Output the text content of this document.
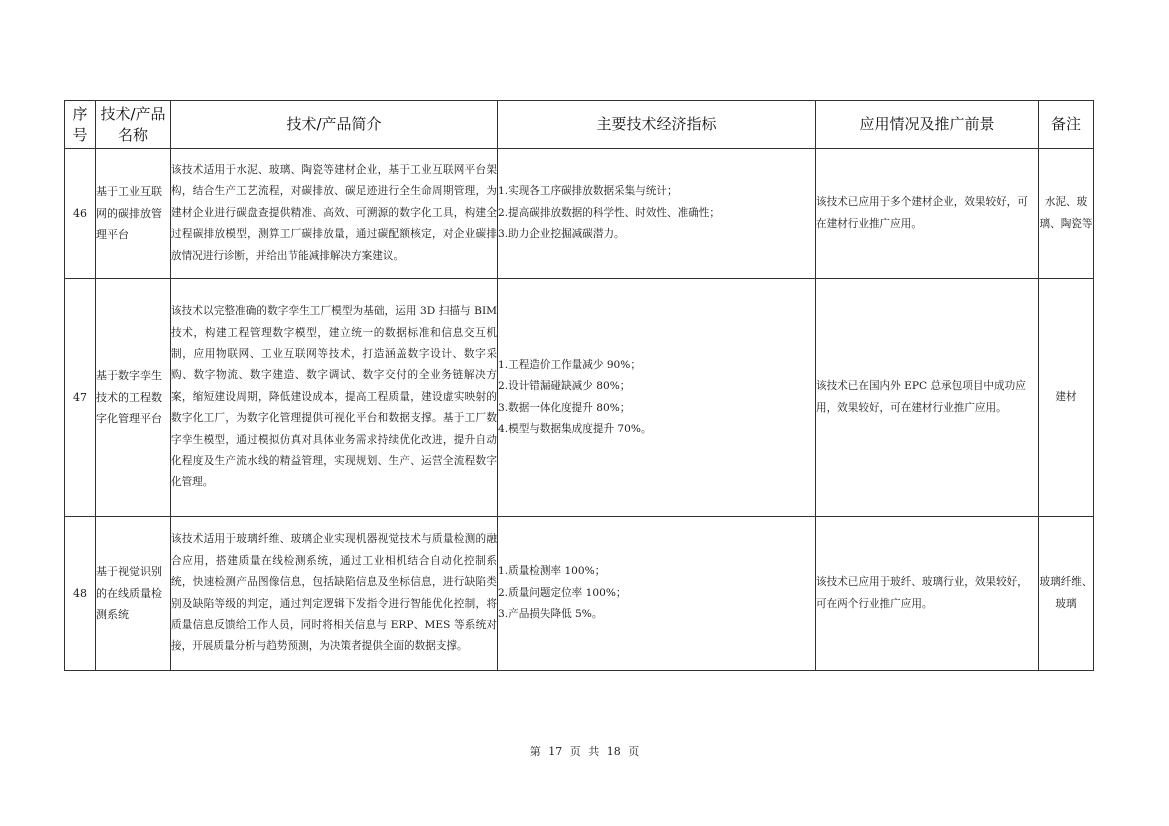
序号	技术/产品名称	技术/产品简介	主要技术经济指标	应用情况及推广前景	备注
46	基于工业互联网的碳排放管理平台	该技术适用于水泥、玻璃、陶瓷等建材企业，基于工业互联网平台架构，结合生产工艺流程，对碳排放、碳足迹进行全生命周期管理，为建材企业进行碳盘查提供精准、高效、可溯源的数字化工具，构建全过程碳排放模型，测算工厂碳排放量，通过碳配额核定，对企业碳排放情况进行诊断，并给出节能减排解决方案建议。	1.实现各工序碳排放数据采集与统计；
2.提高碳排放数据的科学性、时效性、准确性；
3.助力企业挖掘减碳潜力。	该技术已应用于多个建材企业，效果较好，可在建材行业推广应用。	水泥、玻璃、陶瓷等
47	基于数字孪生技术的工程数字化管理平台	该技术以完整准确的数字孪生工厂模型为基础，运用 3D 扫描与 BIM 技术，构建工程管理数字模型，建立统一的数据标准和信息交互机制，应用物联网、工业互联网等技术，打造涵盖数字设计、数字采购、数字物流、数字建造、数字调试、数字交付的全业务链解决方案，缩短建设周期，降低建设成本，提高工程质量，建设虚实映射的数字化工厂，为数字化管理提供可视化平台和数据支撑。基于工厂数字孪生模型，通过模拟仿真对具体业务需求持续优化改进，提升自动化程度及生产流水线的精益管理，实现规划、生产、运营全流程数字化管理。	
1.工程造价工作量减少 90%；
2.设计错漏碰缺减少 80%；
3.数据一体化度提升 80%；
4.模型与数据集成度提升 70%。
	该技术已在国内外 EPC 总承包项目中成功应用，效果较好，可在建材行业推广应用。	建材
48	基于视觉识别的在线质量检测系统	该技术适用于玻璃纤维、玻璃企业实现机器视觉技术与质量检测的融合应用，搭建质量在线检测系统，通过工业相机结合自动化控制系统，快速检测产品图像信息，包括缺陷信息及坐标信息，进行缺陷类别及缺陷等级的判定，通过判定逻辑下发指令进行智能优化控制，将质量信息反馈给工作人员，同时将相关信息与 ERP、MES 等系统对接，开展质量分析与趋势预测，为决策者提供全面的数据支撑。	1.质量检测率 100%；
2.质量问题定位率 100%；
3.产品损失降低 5%。	该技术已应用于玻纤、玻璃行业，效果较好，可在两个行业推广应用。	玻璃纤维、玻璃
第 17 页 共 18 页
